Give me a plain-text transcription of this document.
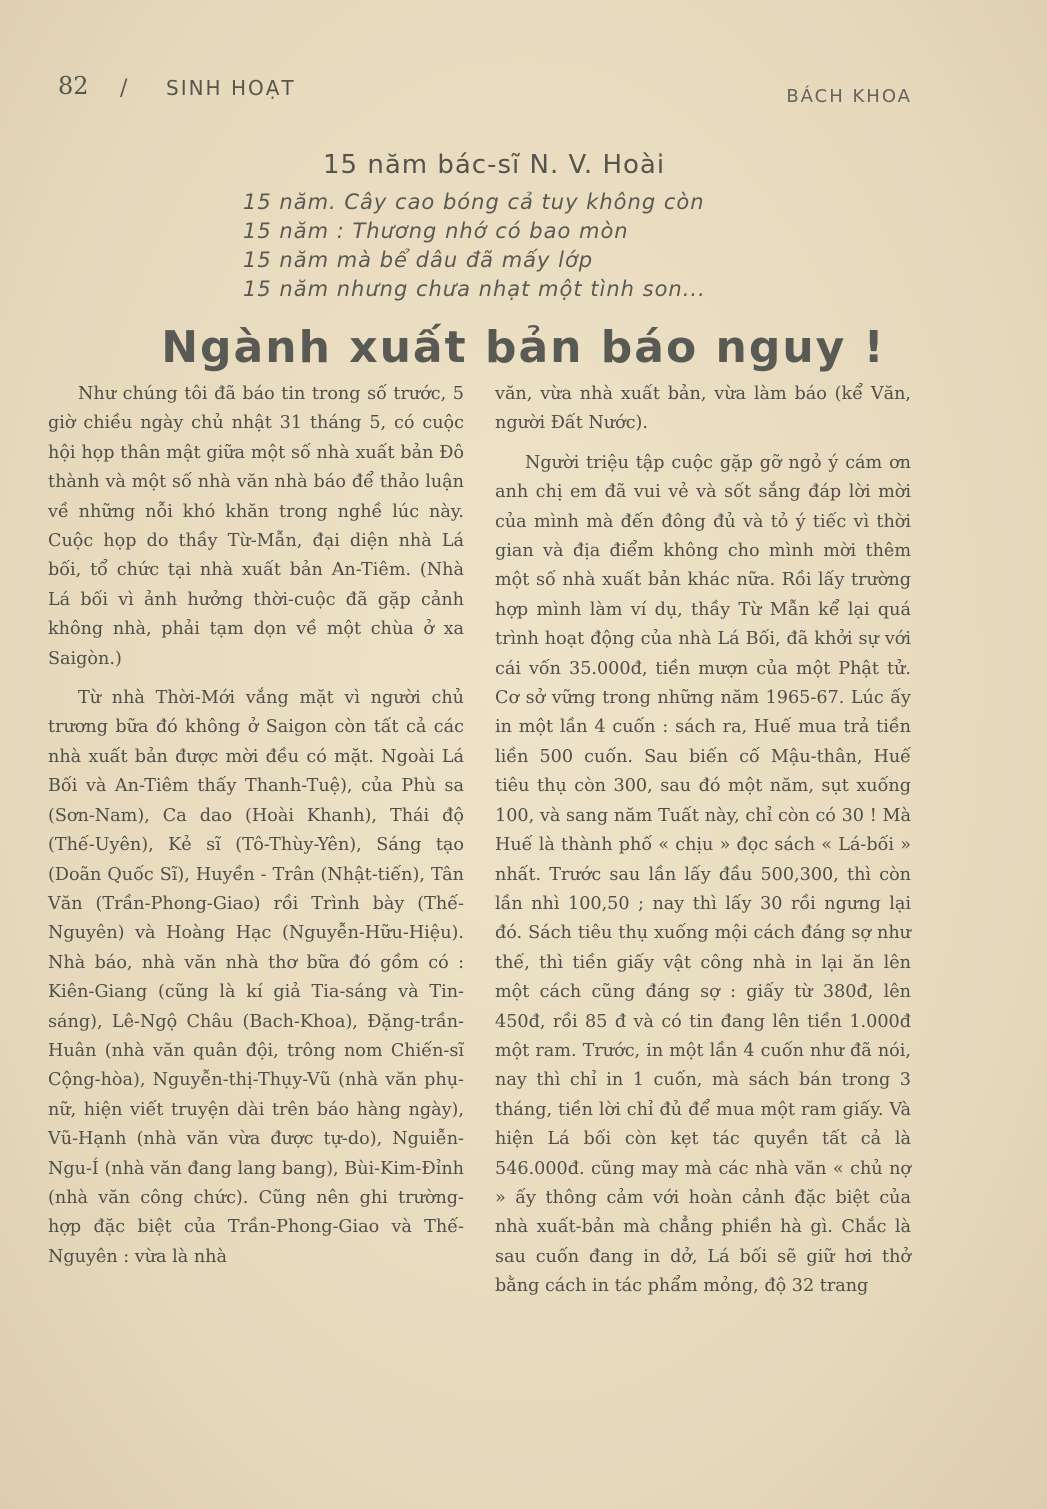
82 / SINH HOẠT	BÁCH KHOA
15 năm bác-sĩ N. V. Hoài
15 năm. Cây cao bóng cả tuy không còn
15 năm : Thương nhớ có bao mòn
15 năm mà bể dâu đã mấy lớp
15 năm nhưng chưa nhạt một tình son...
Ngành xuất bản báo nguy !

Như chúng tôi đã báo tin trong số trước, 5 giờ chiều ngày chủ nhật 31 tháng 5, có cuộc hội họp thân mật giữa một số nhà xuất bản Đô thành và một số nhà văn nhà báo để thảo luận về những nỗi khó khăn trong nghề lúc này. Cuộc họp do thầy Từ-Mẫn, đại diện nhà Lá bối, tổ chức tại nhà xuất bản An-Tiêm. (Nhà Lá bối vì ảnh hưởng thời-cuộc đã gặp cảnh không nhà, phải tạm dọn về một chùa ở xa Saigòn.)

Từ nhà Thời-Mới vắng mặt vì người chủ trương bữa đó không ở Saigon còn tất cả các nhà xuất bản được mời đều có mặt. Ngoài Lá Bối và An-Tiêm thấy Thanh-Tuệ), của Phù sa (Sơn-Nam), Ca dao (Hoài Khanh), Thái độ (Thế-Uyên), Kẻ sĩ (Tô-Thùy-Yên), Sáng tạo (Doãn Quốc Sĩ), Huyền - Trân (Nhật-tiến), Tân Văn (Trần-Phong-Giao) rồi Trình bày (Thế-Nguyên) và Hoàng Hạc (Nguyễn-Hữu-Hiệu). Nhà báo, nhà văn nhà thơ bữa đó gồm có : Kiên-Giang (cũng là kí giả Tia-sáng và Tin-sáng), Lê-Ngộ Châu (Bach-Khoa), Đặng-trần-Huân (nhà văn quân đội, trông nom Chiến-sĩ Cộng-hòa), Nguyễn-thị-Thụy-Vũ (nhà văn phụ-nữ, hiện viết truyện dài trên báo hàng ngày), Vũ-Hạnh (nhà văn vừa được tự-do), Nguiễn-Ngu-Í (nhà văn đang lang bang), Bùi-Kim-Đỉnh (nhà văn công chức). Cũng nên ghi trường-hợp đặc biệt của Trần-Phong-Giao và Thế-Nguyên : vừa là nhà

văn, vừa nhà xuất bản, vừa làm báo (kể Văn, người Đất Nước).

Người triệu tập cuộc gặp gỡ ngỏ ý cám ơn anh chị em đã vui vẻ và sốt sắng đáp lời mời của mình mà đến đông đủ và tỏ ý tiếc vì thời gian và địa điểm không cho mình mời thêm một số nhà xuất bản khác nữa. Rồi lấy trường hợp mình làm ví dụ, thầy Từ Mẫn kể lại quá trình hoạt động của nhà Lá Bối, đã khởi sự với cái vốn 35.000đ, tiền mượn của một Phật tử. Cơ sở vững trong những năm 1965-67. Lúc ấy in một lần 4 cuốn : sách ra, Huế mua trả tiền liền 500 cuốn. Sau biến cố Mậu-thân, Huế tiêu thụ còn 300, sau đó một năm, sụt xuống 100, và sang năm Tuất này, chỉ còn có 30 ! Mà Huế là thành phố « chịu » đọc sách « Lá-bối » nhất. Trước sau lần lấy đầu 500,300, thì còn lần nhì 100,50 ; nay thì lấy 30 rồi ngưng lại đó. Sách tiêu thụ xuống mội cách đáng sợ như thế, thì tiền giấy vật công nhà in lại ăn lên một cách cũng đáng sợ : giấy từ 380đ, lên 450đ, rồi 85 đ và có tin đang lên tiền 1.000đ một ram. Trước, in một lần 4 cuốn như đã nói, nay thì chỉ in 1 cuốn, mà sách bán trong 3 tháng, tiền lời chỉ đủ để mua một ram giấy. Và hiện Lá bối còn kẹt tác quyền tất cả là 546.000đ. cũng may mà các nhà văn « chủ nợ » ấy thông cảm với hoàn cảnh đặc biệt của nhà xuất-bản mà chẳng phiền hà gì. Chắc là sau cuốn đang in dở, Lá bối sẽ giữ hơi thở bằng cách in tác phẩm mỏng, độ 32 trang
